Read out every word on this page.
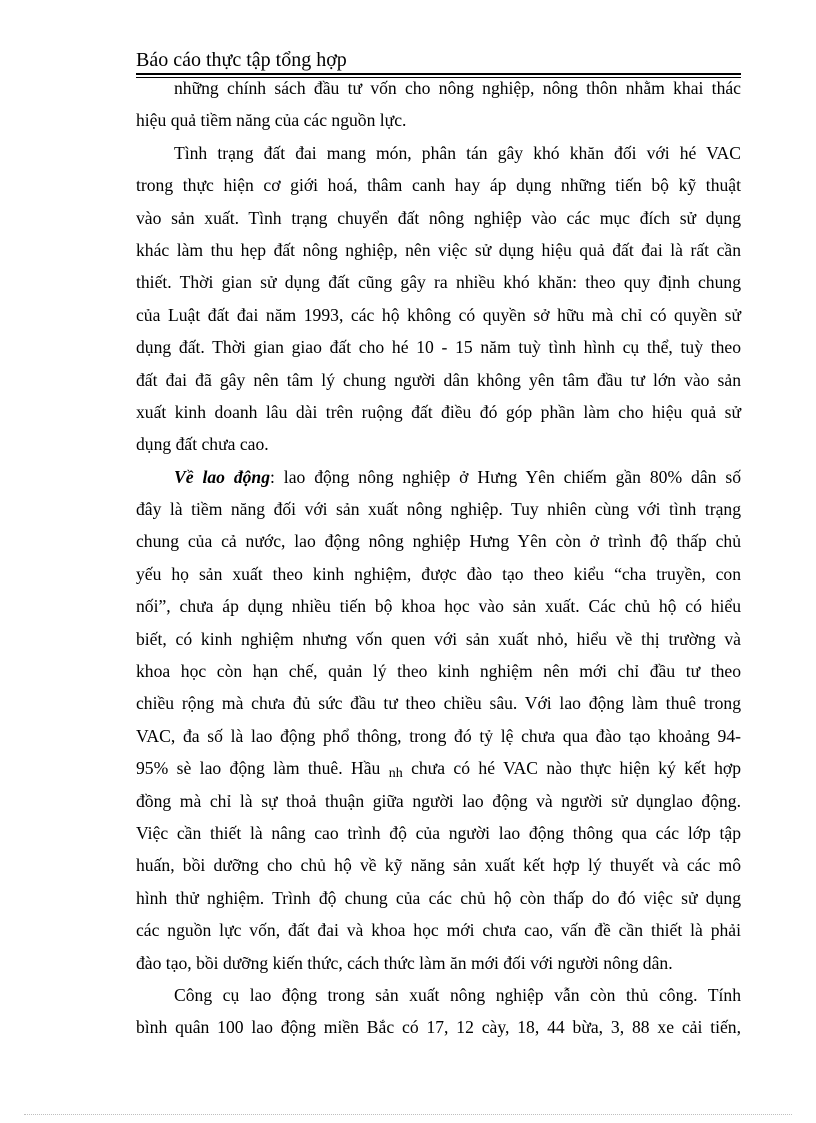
Báo cáo thực tập tổng hợp
những chính sách đầu tư vốn cho nông nghiệp, nông thôn nhằm khai thác
hiệu quả tiềm năng của các nguồn lực.
Tình trạng đất đai mang món, phân tán gây khó khăn đối với hé VAC
trong thực hiện cơ giới hoá, thâm canh hay áp dụng những tiến bộ kỹ thuật
vào sản xuất. Tình trạng chuyển đất nông nghiệp vào các mục đích sử dụng
khác làm thu hẹp đất nông nghiệp, nên việc sử dụng hiệu quả đất đai là rất cần
thiết. Thời gian sử dụng đất cũng gây ra nhiều khó khăn: theo quy định chung
của Luật đất đai năm 1993, các hộ không có quyền sở hữu mà chỉ có quyền sử
dụng đất. Thời gian giao đất cho hé 10 - 15 năm tuỳ tình hình cụ thể, tuỳ theo
đất đai đã gây nên tâm lý chung người dân không yên tâm đầu tư lớn vào sản
xuất kinh doanh lâu dài trên ruộng đất điều đó góp phần làm cho hiệu quả sử
dụng đất chưa cao.
Về lao động: lao động nông nghiệp ở Hưng Yên chiếm gần 80% dân số
đây là tiềm năng đối với sản xuất nông nghiệp. Tuy nhiên cùng với tình trạng
chung của cả nước, lao động nông nghiệp Hưng Yên còn ở trình độ thấp chủ
yếu họ sản xuất theo kinh nghiệm, được đào tạo theo kiểu “cha truyền, con
nối”, chưa áp dụng nhiều tiến bộ khoa học vào sản xuất. Các chủ hộ có hiểu
biết, có kinh nghiệm nhưng vốn quen với sản xuất nhỏ, hiểu về thị trường và
khoa học còn hạn chế, quản lý theo kinh nghiệm nên mới chỉ đầu tư theo
chiều rộng mà chưa đủ sức đầu tư theo chiều sâu. Với lao động làm thuê trong
VAC, đa số là lao động phổ thông, trong đó tỷ lệ chưa qua đào tạo khoảng 94-
95% sè lao động làm thuê. Hầu nh chưa có hé VAC nào thực hiện ký kết hợp
đồng mà chỉ là sự thoả thuận giữa người lao động và người sử dụnglao động.
Việc cần thiết là nâng cao trình độ của người lao động thông qua các lớp tập
huấn, bồi dưỡng cho chủ hộ về kỹ năng sản xuất kết hợp lý thuyết và các mô
hình thử nghiệm. Trình độ chung của các chủ hộ còn thấp do đó việc sử dụng
các nguồn lực vốn, đất đai và khoa học mới chưa cao, vấn đề cần thiết là phải
đào tạo, bồi dưỡng kiến thức, cách thức làm ăn mới đối với người nông dân.
Công cụ lao động trong sản xuất nông nghiệp vẫn còn thủ công. Tính
bình quân 100 lao động miền Bắc có 17, 12 cày, 18, 44 bừa, 3, 88 xe cải tiến,
